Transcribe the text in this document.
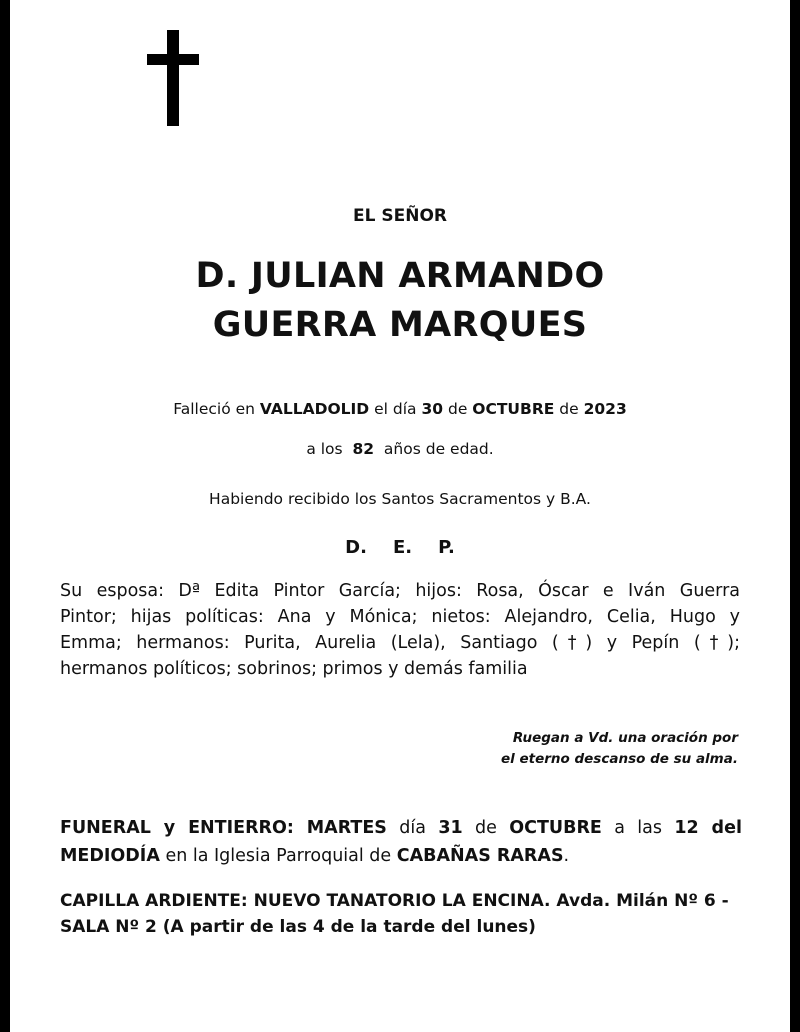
EL SEÑOR
D. JULIAN ARMANDO
GUERRA MARQUES
Falleció en VALLADOLID el día 30 de OCTUBRE de 2023
a los 82 años de edad.
Habiendo recibido los Santos Sacramentos y B.A.
D. E. P.
Su esposa: Dª Edita Pintor García; hijos: Rosa, Óscar e Iván Guerra
Pintor; hijas políticas: Ana y Mónica; nietos: Alejandro, Celia, Hugo y
Emma; hermanos: Purita, Aurelia (Lela), Santiago (†) y Pepín (†);
hermanos políticos; sobrinos; primos y demás familia
Ruegan a Vd. una oración por
el eterno descanso de su alma.
FUNERAL y ENTIERRO: MARTES día 31 de OCTUBRE a las 12 del
MEDIODÍA en la Iglesia Parroquial de CABAÑAS RARAS.
CAPILLA ARDIENTE: NUEVO TANATORIO LA ENCINA. Avda. Milán Nº 6 -
SALA Nº 2 (A partir de las 4 de la tarde del lunes)
